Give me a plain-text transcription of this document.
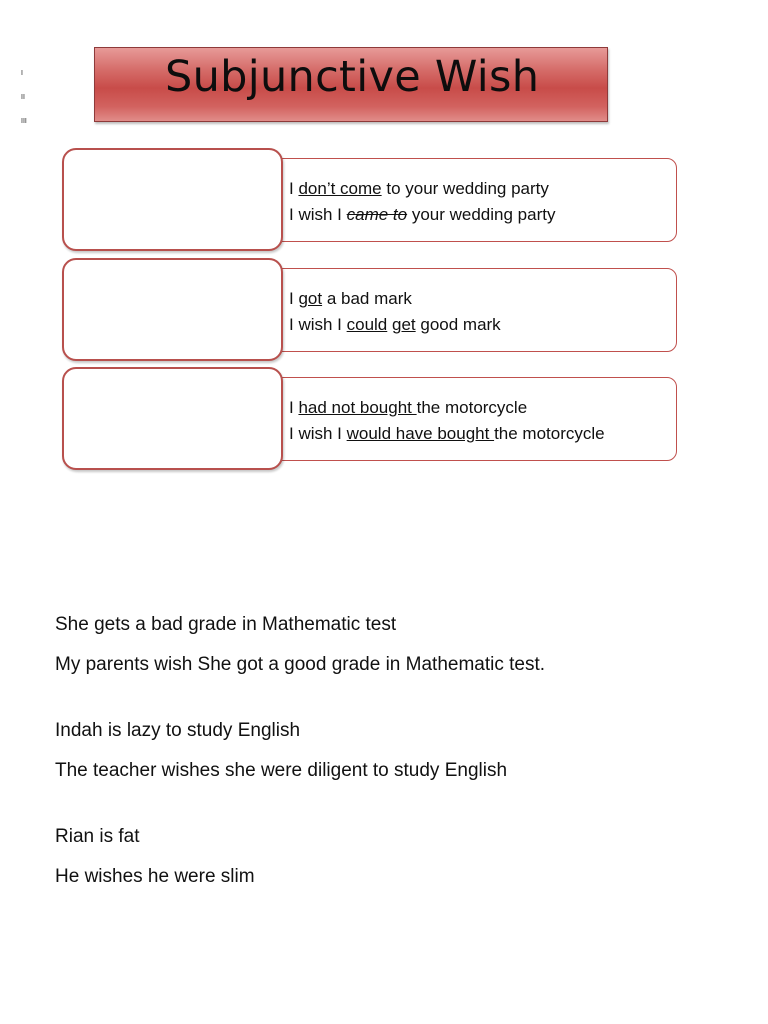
I
II
III
Subjunctive Wish
I don’t come to your wedding party
I wish I came to your wedding party
I got a bad mark
I wish I could get good mark
I had not bought the motorcycle
I wish I would have bought the motorcycle

She gets a bad grade in Mathematic test

My parents wish She got a good grade in Mathematic test.

Indah is lazy to study English

The teacher wishes she were diligent to study English

Rian is fat

He wishes he were slim
